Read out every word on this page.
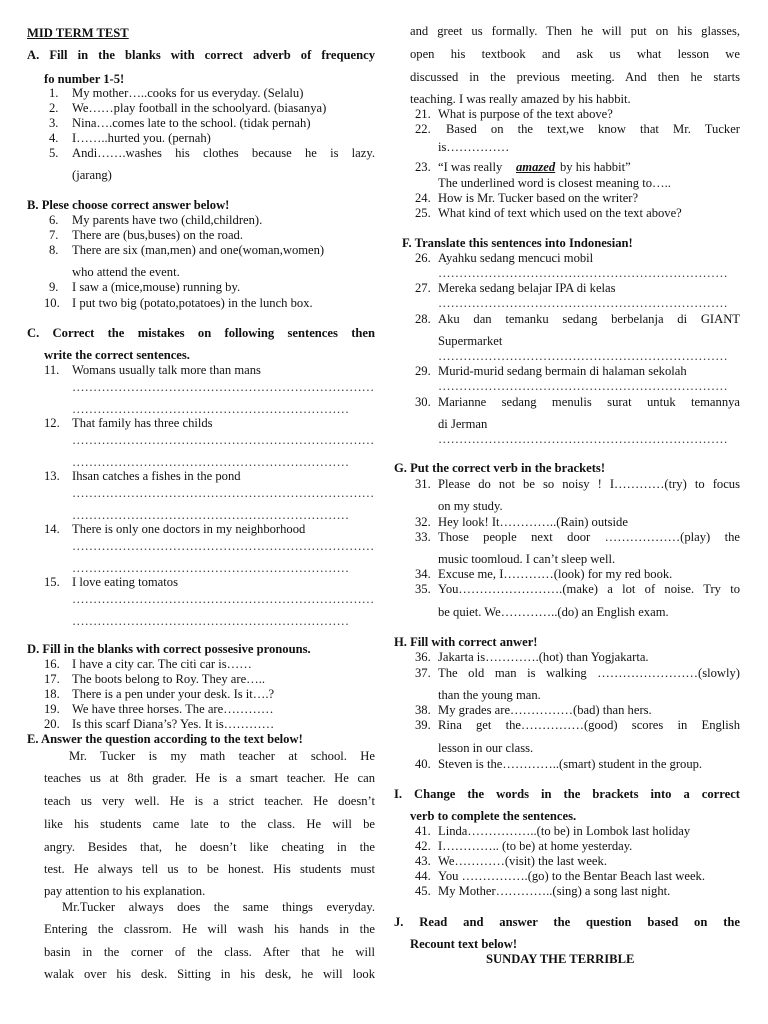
MID TERM TEST
A. Fill in the blanks with correct adverb of frequency
fo number 1-5!
1. My mother…..cooks for us everyday. (Selalu)
2. We……play football in the schoolyard. (biasanya)
3. Nina….comes late to the school. (tidak pernah)
4. I……..hurted you. (pernah)
5. Andi…….washes his clothes because he is lazy.
(jarang)
B. Plese choose correct answer below!
6. My parents have two (child,children).
7. There are (bus,buses) on the road.
8. There are six (man,men) and one(woman,women)
who attend the event.
9. I saw a (mice,mouse) running by.
10. I put two big (potato,potatoes) in the lunch box.
C. Correct the mistakes on following sentences then
write the correct sentences.
11. Womans usually talk more than mans
………………………………………………………………
…………………………………………………………
12. That family has three childs
………………………………………………………………
…………………………………………………………
13. Ihsan catches a fishes in the pond
………………………………………………………………
…………………………………………………………
14. There is only one doctors in my neighborhood
………………………………………………………………
…………………………………………………………
15. I love eating tomatos
………………………………………………………………
…………………………………………………………
D. Fill in the blanks with correct possesive pronouns.
16. I have a city car. The citi car is……
17. The boots belong to Roy. They are…..
18. There is a pen under your desk. Is it….?
19. We have three horses. The are…………
20. Is this scarf Diana’s? Yes. It is…………
E. Answer the question according to the text below!
Mr. Tucker is my math teacher at school. He
teaches us at 8th grader. He is a smart teacher. He can
teach us very well. He is a strict teacher. He doesn’t
like his students came late to the class. He will be
angry. Besides that, he doesn’t like cheating in the
test. He always tell us to be honest. His students must
pay attention to his explanation.
Mr.Tucker always does the same things everyday.
Entering the classrom. He will wash his hands in the
basin in the corner of the class. After that he will
walak over his desk. Sitting in his desk, he will look
and greet us formally. Then he will put on his glasses,
open his textbook and ask us what lesson we
discussed in the previous meeting. And then he starts
teaching. I was really amazed by his habbit.
21. What is purpose of the text above?
22. Based on the text,we know that Mr. Tucker
is……………
23. “I was really amazed by his habbit”
The underlined word is closest meaning to…..
24. How is Mr. Tucker based on the writer?
25. What kind of text which used on the text above?
F. Translate this sentences into Indonesian!
26. Ayahku sedang mencuci mobil
……………………………………………………………
27. Mereka sedang belajar IPA di kelas
……………………………………………………………
28. Aku dan temanku sedang berbelanja di GIANT
Supermarket
……………………………………………………………
29. Murid-murid sedang bermain di halaman sekolah
……………………………………………………………
30. Marianne sedang menulis surat untuk temannya
di Jerman
……………………………………………………………
G. Put the correct verb in the brackets!
31. Please do not be so noisy ! I…………(try) to focus
on my study.
32. Hey look! It…………..(Rain) outside
33. Those people next door ………………(play) the
music toomloud. I can’t sleep well.
34. Excuse me, I…………(look) for my red book.
35. You…………………….(make) a lot of noise. Try to
be quiet. We…………..(do) an English exam.
H. Fill with correct anwer!
36. Jakarta is………….(hot) than Yogjakarta.
37. The old man is walking ……………………(slowly)
than the young man.
38. My grades are……………(bad) than hers.
39. Rina get the……………(good) scores in English
lesson in our class.
40. Steven is the…………..(smart) student in the group.
I. Change the words in the brackets into a correct
verb to complete the sentences.
41. Linda……………..(to be) in Lombok last holiday
42. I………….. (to be) at home yesterday.
43. We…………(visit) the last week.
44. You …………….(go) to the Bentar Beach last week.
45. My Mother…………..(sing) a song last night.
J. Read and answer the question based on the
Recount text below!
SUNDAY THE TERRIBLE
